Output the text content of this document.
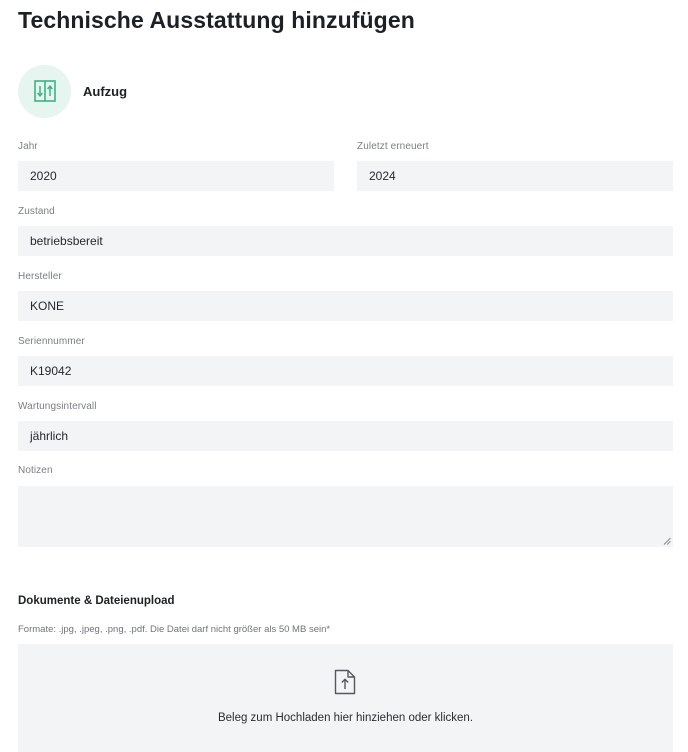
Technische Ausstattung hinzufügen
Aufzug
Jahr
2020
Zuletzt erneuert
2024
Zustand
betriebsbereit
Hersteller
KONE
Seriennummer
K19042
Wartungsintervall
jährlich
Notizen
Dokumente & Dateienupload
Formate: .jpg, .jpeg, .png, .pdf. Die Datei darf nicht größer als 50 MB sein*
Beleg zum Hochladen hier hinziehen oder klicken.
